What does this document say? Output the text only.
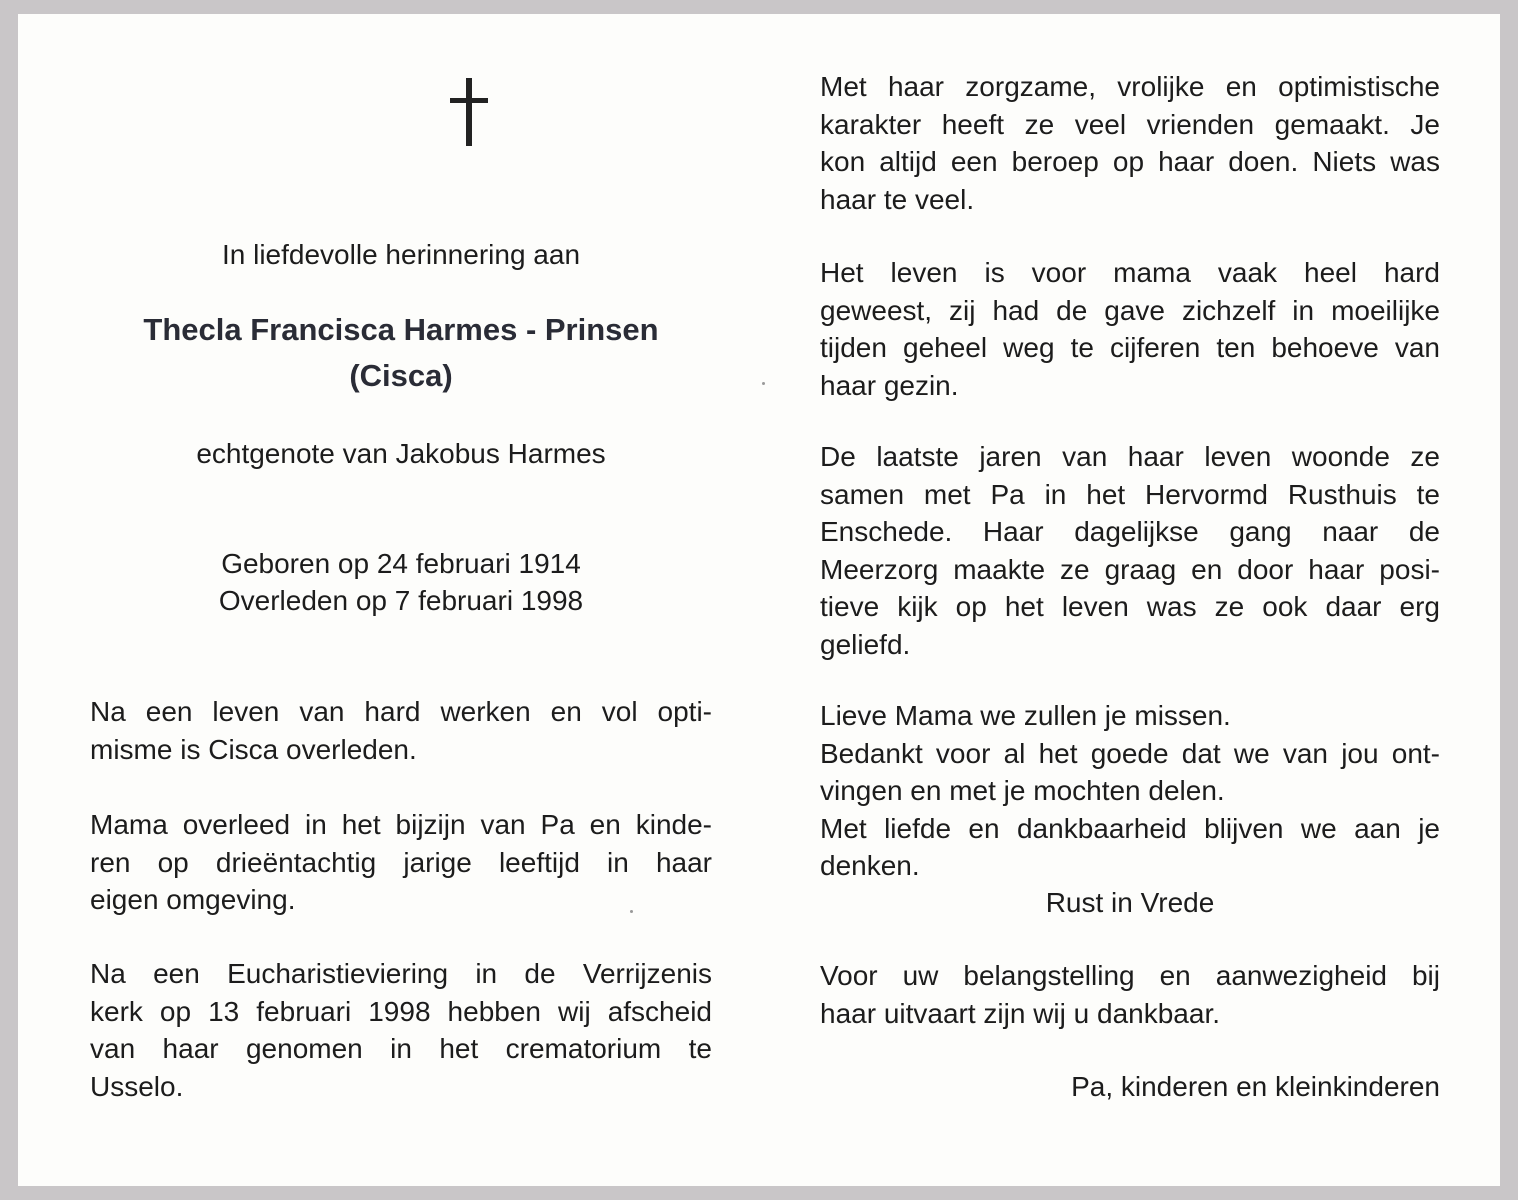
In liefdevolle herinnering aan
Thecla Francisca Harmes - Prinsen
(Cisca)
echtgenote van Jakobus Harmes
Geboren op 24 februari 1914
Overleden op 7 februari 1998

Na een leven van hard werken en vol opti-
misme is Cisca overleden.

Mama overleed in het bijzijn van Pa en kinde-
ren op drieëntachtig jarige leeftijd in haar
eigen omgeving.

Na een Eucharistieviering in de Verrijzenis
kerk op 13 februari 1998 hebben wij afscheid
van haar genomen in het crematorium te
Usselo.

Met haar zorgzame, vrolijke en optimistische
karakter heeft ze veel vrienden gemaakt. Je
kon altijd een beroep op haar doen. Niets was
haar te veel.

Het leven is voor mama vaak heel hard
geweest, zij had de gave zichzelf in moeilijke
tijden geheel weg te cijferen ten behoeve van
haar gezin.

De laatste jaren van haar leven woonde ze
samen met Pa in het Hervormd Rusthuis te
Enschede. Haar dagelijkse gang naar de
Meerzorg maakte ze graag en door haar posi-
tieve kijk op het leven was ze ook daar erg
geliefd.

Lieve Mama we zullen je missen.
Bedankt voor al het goede dat we van jou ont-
vingen en met je mochten delen.
Met liefde en dankbaarheid blijven we aan je
denken.

Rust in Vrede

Voor uw belangstelling en aanwezigheid bij
haar uitvaart zijn wij u dankbaar.

Pa, kinderen en kleinkinderen
